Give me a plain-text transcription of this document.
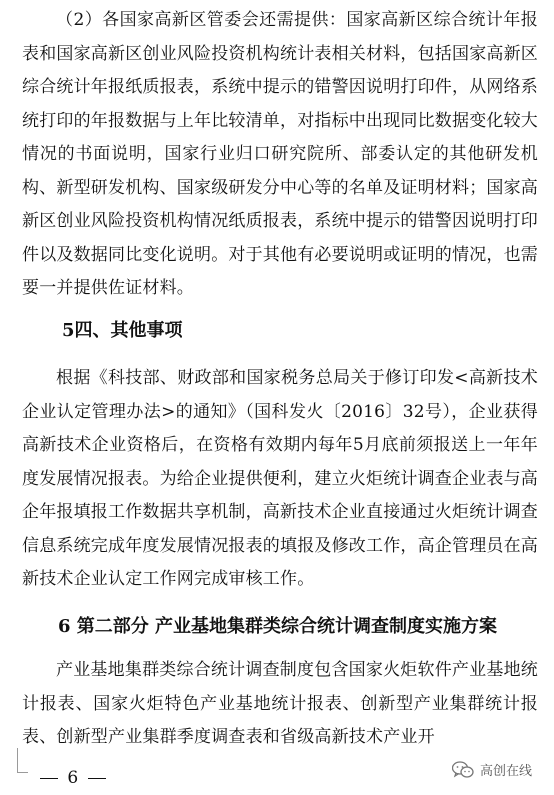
（2）各国家高新区管委会还需提供：国家高新区综合统计年报表和国家高新区创业风险投资机构统计表相关材料，包括国家高新区综合统计年报纸质报表，系统中提示的错警因说明打印件，从网络系统打印的年报数据与上年比较清单，对指标中出现同比数据变化较大情况的书面说明，国家行业归口研究院所、部委认定的其他研发机构、新型研发机构、国家级研发分中心等的名单及证明材料；国家高新区创业风险投资机构情况纸质报表，系统中提示的错警因说明打印件以及数据同比变化说明。对于其他有必要说明或证明的情况，也需要一并提供佐证材料。

5四、其他事项

根据《科技部、财政部和国家税务总局关于修订印发<高新技术企业认定管理办法>的通知》（国科发火〔2016〕32号），企业获得高新技术企业资格后，在资格有效期内每年5月底前须报送上一年年度发展情况报表。为给企业提供便利，建立火炬统计调查企业表与高企年报填报工作数据共享机制，高新技术企业直接通过火炬统计调查信息系统完成年度发展情况报表的填报及修改工作，高企管理员在高新技术企业认定工作网完成审核工作。

6 第二部分 产业基地集群类综合统计调查制度实施方案

产业基地集群类综合统计调查制度包含国家火炬软件产业基地统计报表、国家火炬特色产业基地统计报表、创新型产业集群统计报表、创新型产业集群季度调查表和省级高新技术产业开

6	高创在线
